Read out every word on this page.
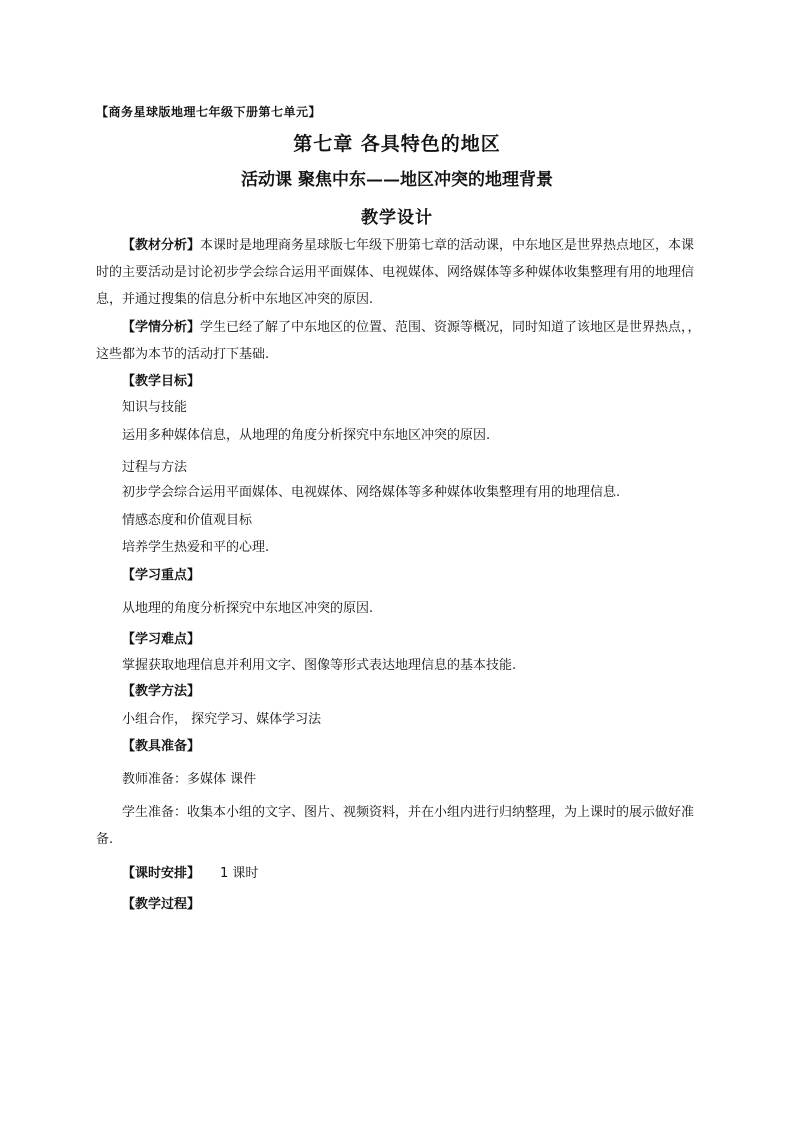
【商务星球版地理七年级下册第七单元】
第七章 各具特色的地区
活动课 聚焦中东——地区冲突的地理背景
教学设计
【教材分析】本课时是地理商务星球版七年级下册第七章的活动课，中东地区是世界热点地区，本课时的主要活动是讨论初步学会综合运用平面媒体、电视媒体、网络媒体等多种媒体收集整理有用的地理信息，并通过搜集的信息分析中东地区冲突的原因.
【学情分析】学生已经了解了中东地区的位置、范围、资源等概况，同时知道了该地区是世界热点，，这些都为本节的活动打下基础.
【教学目标】
知识与技能
运用多种媒体信息，从地理的角度分析探究中东地区冲突的原因.
过程与方法
初步学会综合运用平面媒体、电视媒体、网络媒体等多种媒体收集整理有用的地理信息.
情感态度和价值观目标
培养学生热爱和平的心理.
【学习重点】
从地理的角度分析探究中东地区冲突的原因.
【学习难点】
掌握获取地理信息并利用文字、图像等形式表达地理信息的基本技能.
【教学方法】
小组合作， 探究学习、媒体学习法
【教具准备】
教师准备：多媒体 课件
学生准备：收集本小组的文字、图片、视频资料，并在小组内进行归纳整理，为上课时的展示做好准备.
【课时安排】 1 课时
【教学过程】
